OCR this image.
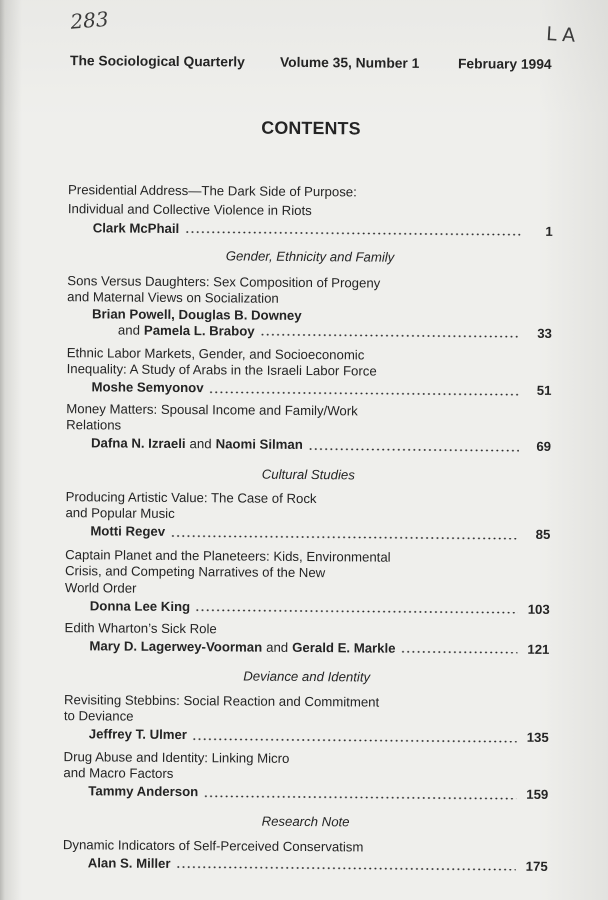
283
LA
The Sociological Quarterly	Volume 35, Number 1	February 1994
CONTENTS
Presidential Address—The Dark Side of Purpose:
Individual and Collective Violence in Riots
Clark McPhail	1
Gender, Ethnicity and Family
Sons Versus Daughters: Sex Composition of Progeny
and Maternal Views on Socialization
Brian Powell, Douglas B. Downey
and Pamela L. Braboy	33
Ethnic Labor Markets, Gender, and Socioeconomic
Inequality: A Study of Arabs in the Israeli Labor Force
Moshe Semyonov	51
Money Matters: Spousal Income and Family/Work
Relations
Dafna N. Izraeli and Naomi Silman	69
Cultural Studies
Producing Artistic Value: The Case of Rock
and Popular Music
Motti Regev	85
Captain Planet and the Planeteers: Kids, Environmental
Crisis, and Competing Narratives of the New
World Order
Donna Lee King	103
Edith Wharton’s Sick Role
Mary D. Lagerwey-Voorman and Gerald E. Markle	121
Deviance and Identity
Revisiting Stebbins: Social Reaction and Commitment
to Deviance
Jeffrey T. Ulmer	135
Drug Abuse and Identity: Linking Micro
and Macro Factors
Tammy Anderson	159
Research Note
Dynamic Indicators of Self-Perceived Conservatism
Alan S. Miller	175
